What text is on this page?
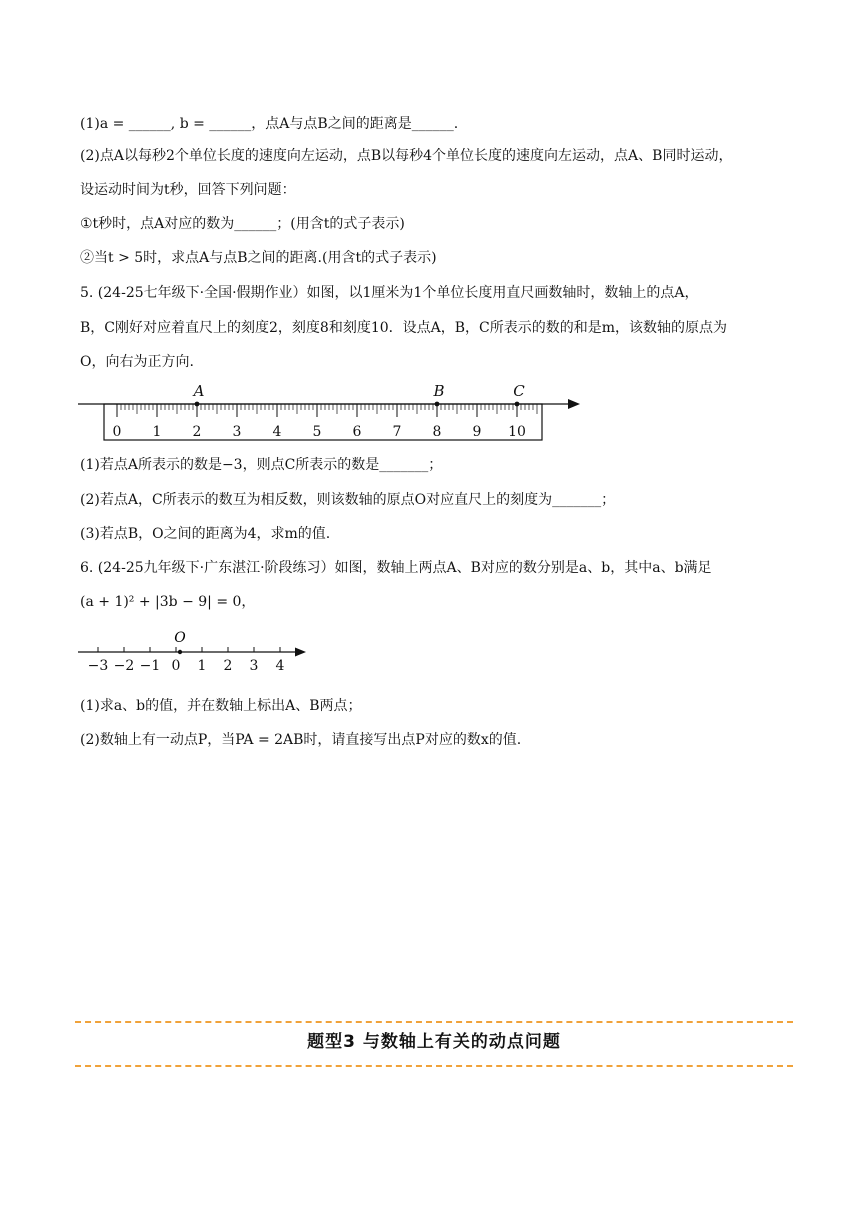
(1)a = ______, b = ______，点A与点B之间的距离是______.
(2)点A以每秒2个单位长度的速度向左运动，点B以每秒4个单位长度的速度向左运动，点A、B同时运动，
设运动时间为t秒，回答下列问题：
①t秒时，点A对应的数为______；(用含t的式子表示)
②当t > 5时，求点A与点B之间的距离.(用含t的式子表示)
5. (24-25七年级下·全国·假期作业）如图，以1厘米为1个单位长度用直尺画数轴时，数轴上的点A，
B，C刚好对应着直尺上的刻度2，刻度8和刻度10．设点A，B，C所表示的数的和是m，该数轴的原点为
O，向右为正方向.
(1)若点A所表示的数是−3，则点C所表示的数是_______；
(2)若点A，C所表示的数互为相反数，则该数轴的原点O对应直尺上的刻度为_______；
(3)若点B，O之间的距离为4，求m的值.
6. (24-25九年级下·广东湛江·阶段练习）如图，数轴上两点A、B对应的数分别是a、b，其中a、b满足
(a + 1)² + |3b − 9| = 0，
(1)求a、b的值，并在数轴上标出A、B两点；
(2)数轴上有一动点P，当PA = 2AB时，请直接写出点P对应的数x的值.
0 1 2 3 4 5 6 7 8 9 10
A	B	C
−3 −2 −1 0 1 2 3 4
O
题型3 与数轴上有关的动点问题
